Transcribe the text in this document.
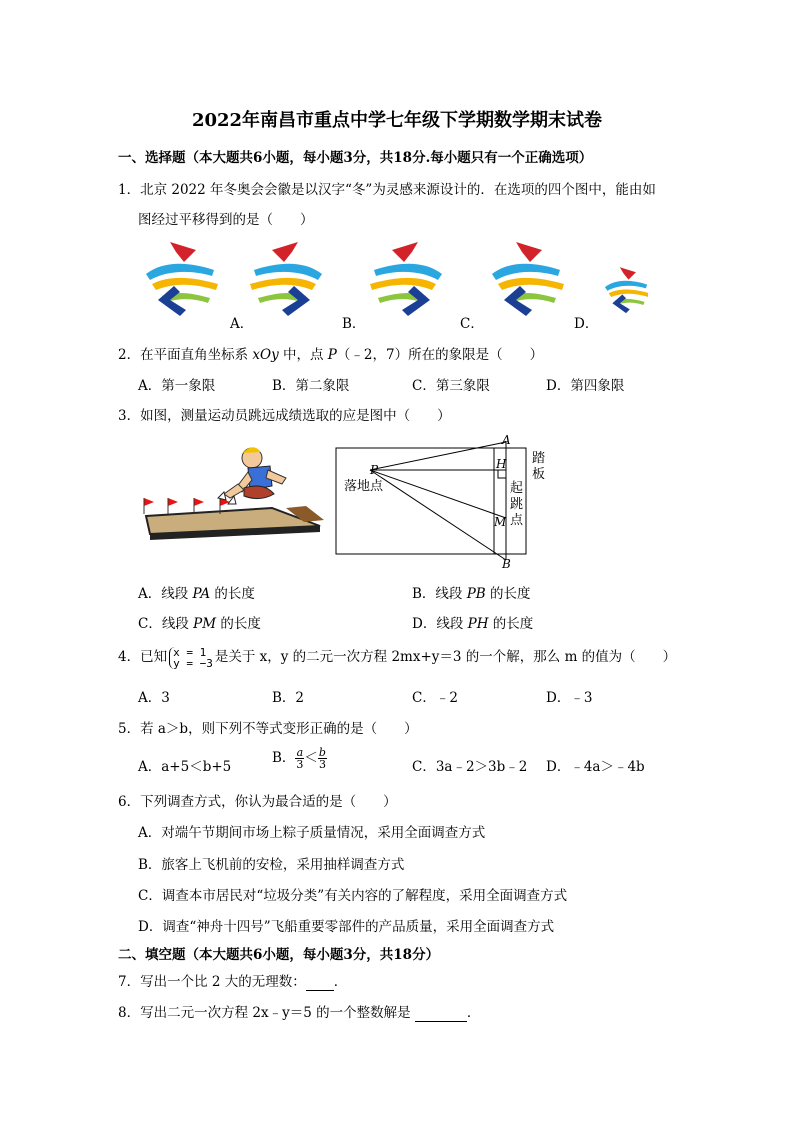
2022年南昌市重点中学七年级下学期数学期末试卷
一、选择题（本大题共6小题，每小题3分，共18分.每小题只有一个正确选项）
1．北京 2022 年冬奥会会徽是以汉字“冬”为灵感来源设计的．在选项的四个图中，能由如
图经过平移得到的是（　　）
A．	B．	C．	D．
2．在平面直角坐标系 xOy 中，点 P（﹣2，7）所在的象限是（　　）
A．第一象限	B．第二象限	C．第三象限	D．第四象限
3．如图，测量运动员跳远成绩选取的应是图中（　　）
A
H
M
B
P
落地点	起跳点
踏板
A．线段 PA 的长度	B．线段 PB 的长度
C．线段 PM 的长度	D．线段 PH 的长度
4．已知 x = 1
y = −3 是关于 x，y 的二元一次方程 2mx+y＝3 的一个解，那么 m 的值为（　　）
A．3	B．2	C．﹣2	D．﹣3
5．若 a＞b，则下列不等式变形正确的是（　　）
A．a+5＜b+5
B． $\frac{a}{3} < \frac{b}{3}$	C．3a﹣2＞3b﹣2 D．﹣4a＞﹣4b
6．下列调查方式，你认为最合适的是（　　）
A．对端午节期间市场上粽子质量情况，采用全面调查方式
B．旅客上飞机前的安检，采用抽样调查方式
C．调查本市居民对“垃圾分类”有关内容的了解程度，采用全面调查方式
D．调查“神舟十四号”飞船重要零部件的产品质量，采用全面调查方式
二、填空题（本大题共6小题，每小题3分，共18分）
7．写出一个比 2 大的无理数： ．
8．写出二元一次方程 2x﹣y＝5 的一个整数解是	．
